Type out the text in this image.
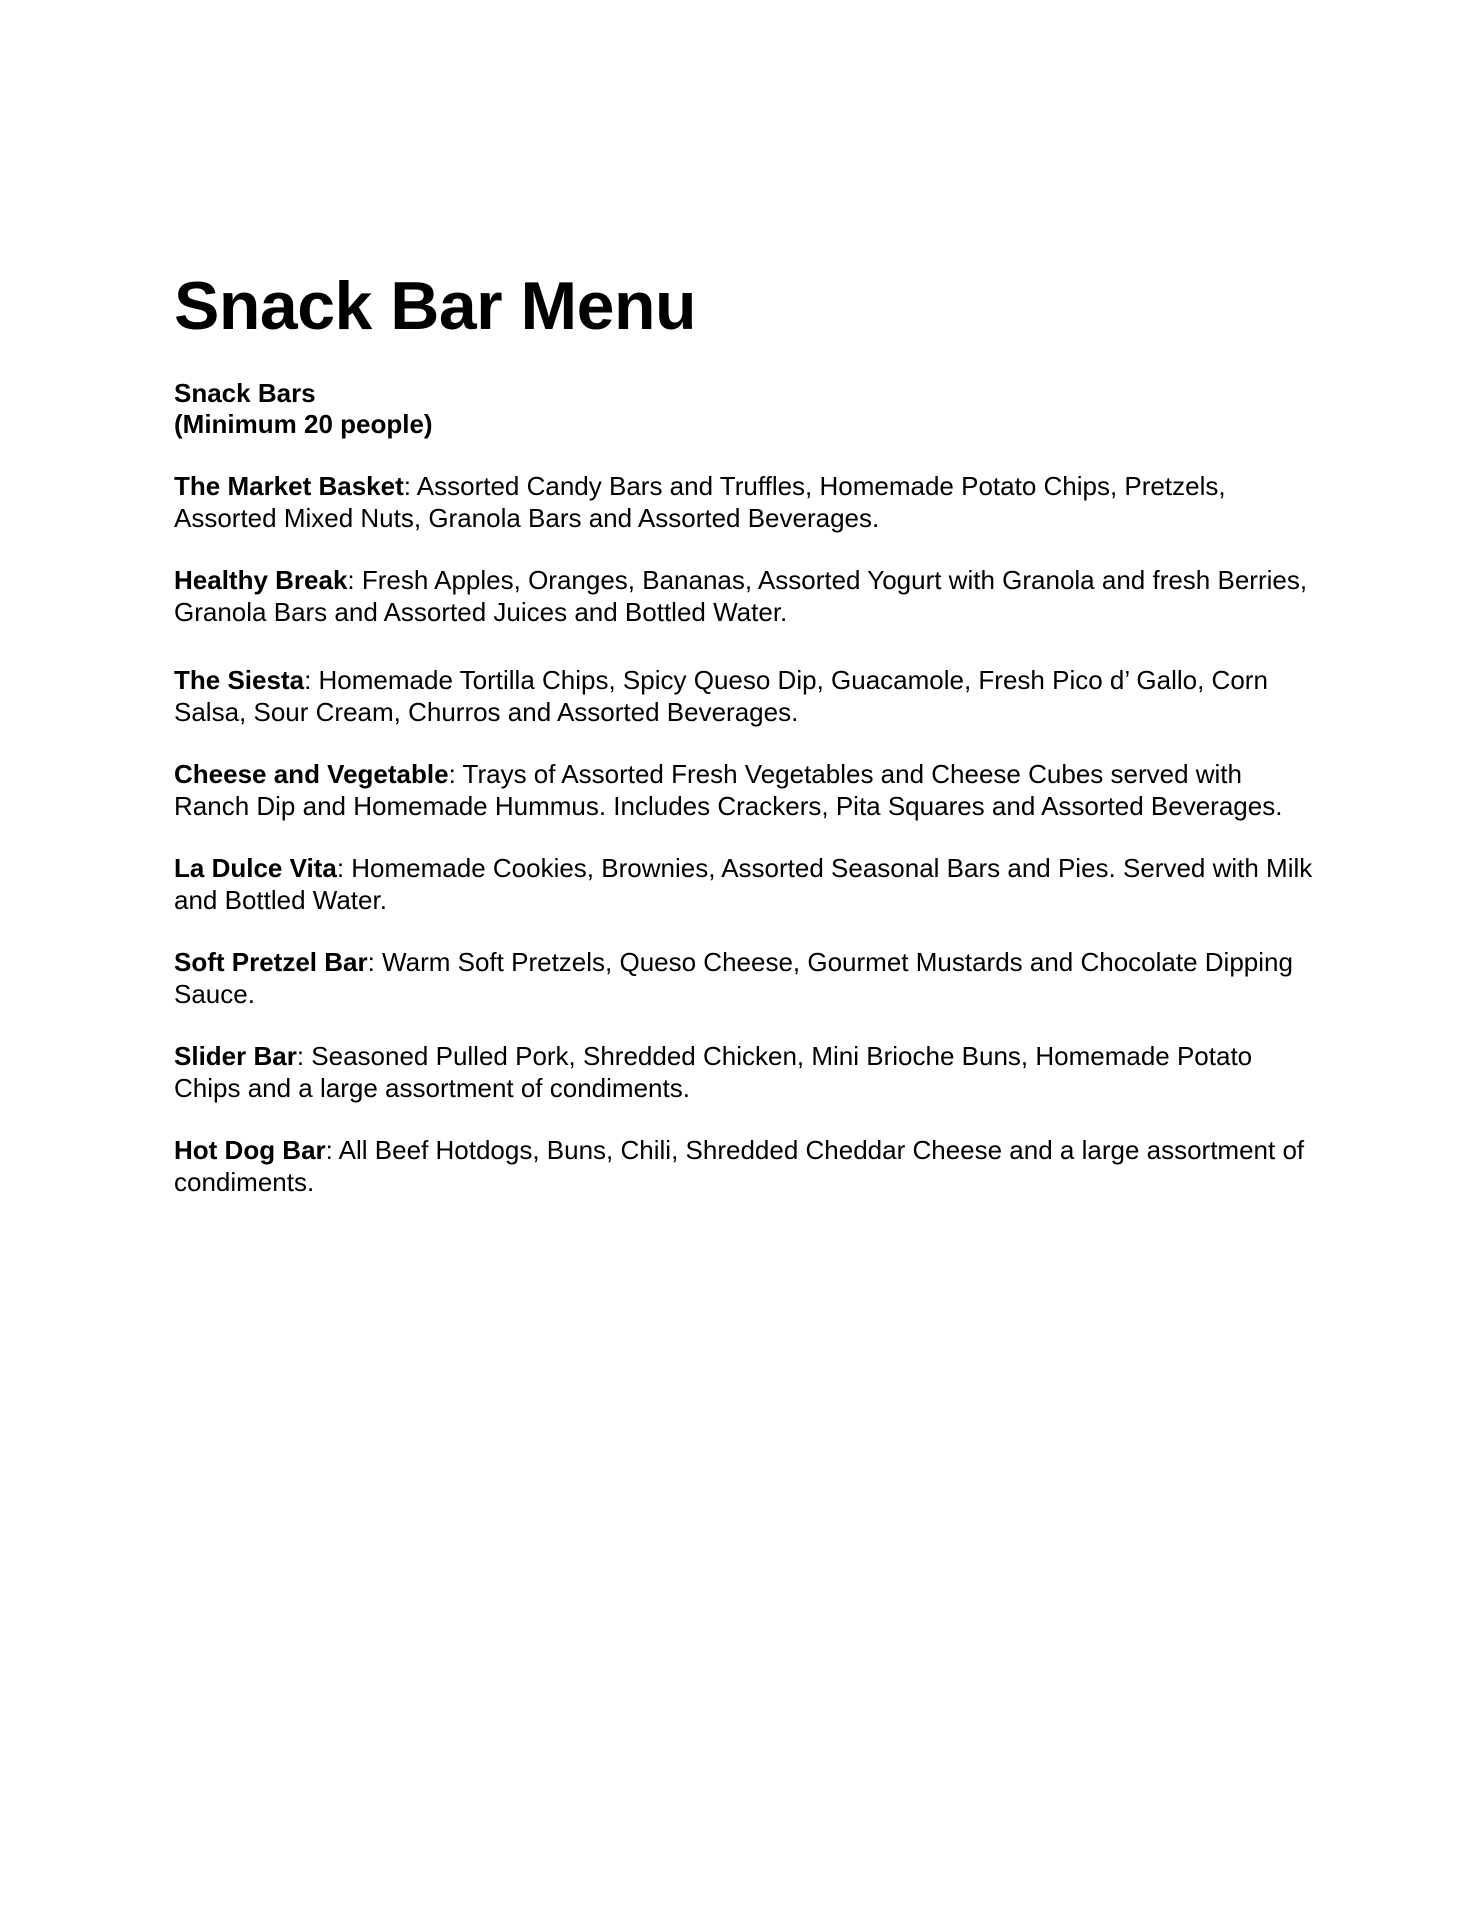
Snack Bar Menu
Snack Bars
(Minimum 20 people)
The Market Basket: Assorted Candy Bars and Truffles, Homemade Potato Chips, Pretzels, Assorted Mixed Nuts, Granola Bars and Assorted Beverages.
Healthy Break: Fresh Apples, Oranges, Bananas, Assorted Yogurt with Granola and fresh Berries, Granola Bars and Assorted Juices and Bottled Water.
The Siesta: Homemade Tortilla Chips, Spicy Queso Dip, Guacamole, Fresh Pico d’ Gallo, Corn Salsa, Sour Cream, Churros and Assorted Beverages.
Cheese and Vegetable: Trays of Assorted Fresh Vegetables and Cheese Cubes served with Ranch Dip and Homemade Hummus. Includes Crackers, Pita Squares and Assorted Beverages.
La Dulce Vita: Homemade Cookies, Brownies, Assorted Seasonal Bars and Pies. Served with Milk and Bottled Water.
Soft Pretzel Bar: Warm Soft Pretzels, Queso Cheese, Gourmet Mustards and Chocolate Dipping Sauce.
Slider Bar: Seasoned Pulled Pork, Shredded Chicken, Mini Brioche Buns, Homemade Potato Chips and a large assortment of condiments.
Hot Dog Bar: All Beef Hotdogs, Buns, Chili, Shredded Cheddar Cheese and a large assortment of condiments.
